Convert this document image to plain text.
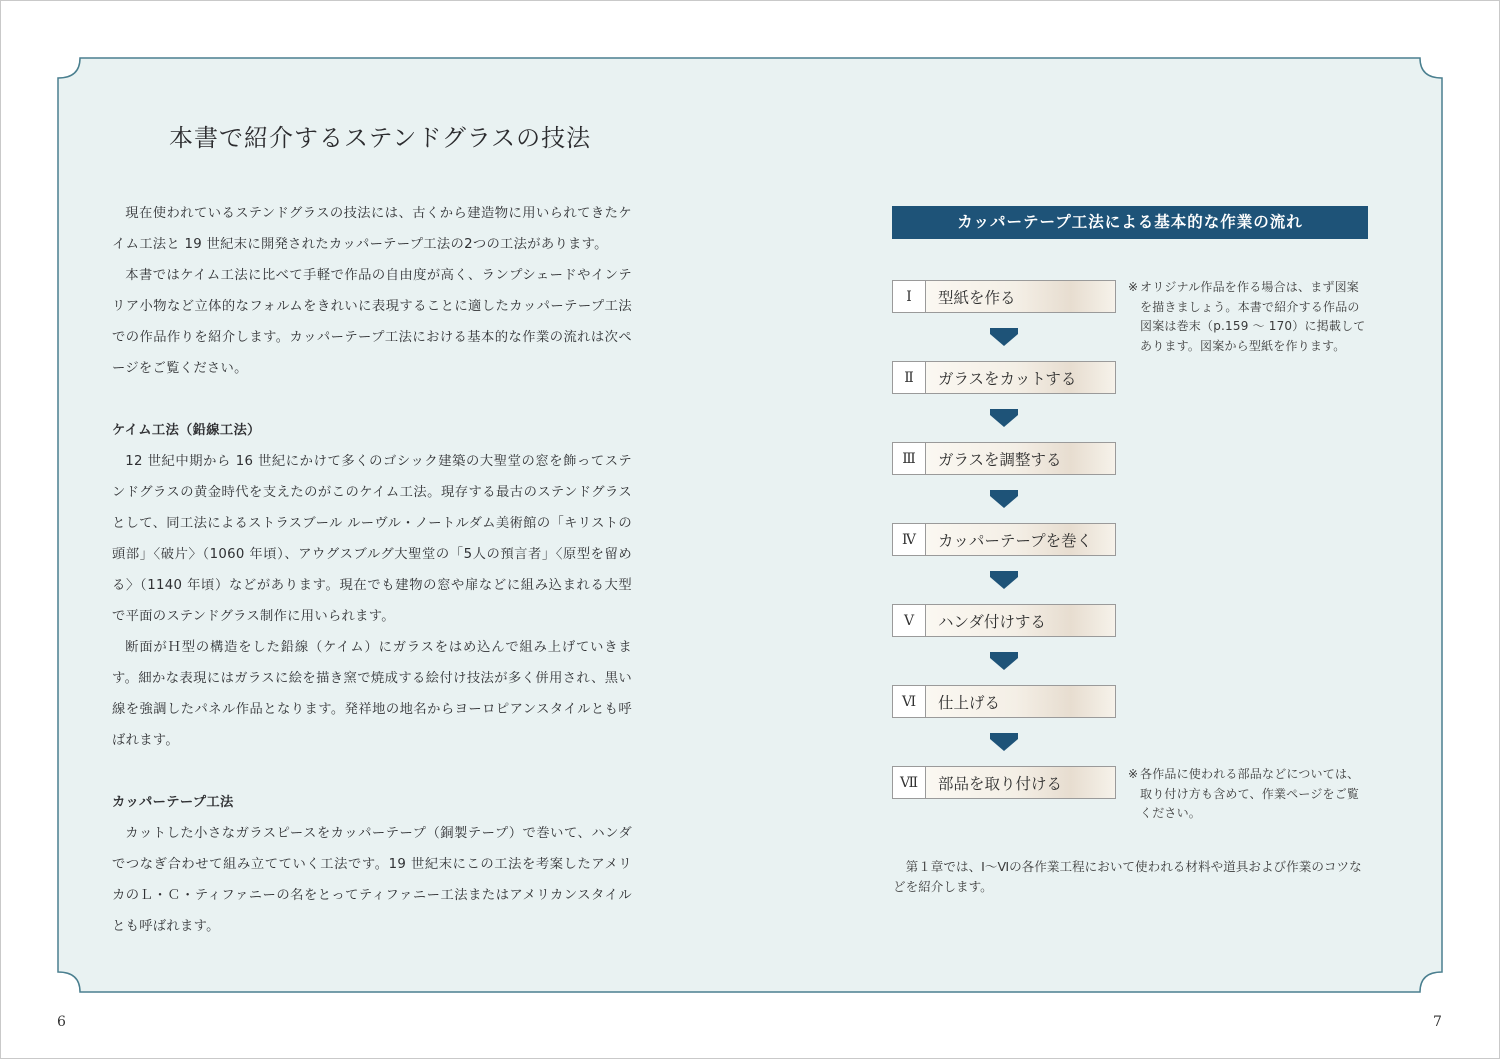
6	7
本書で紹介するステンドグラスの技法

現在使われているステンドグラスの技法には、古くから建造物に用いられてきたケイム工法と 19 世紀末に開発されたカッパーテープ工法の2つの工法があります。

本書ではケイム工法に比べて手軽で作品の自由度が高く、ランプシェードやインテリア小物など立体的なフォルムをきれいに表現することに適したカッパーテープ工法での作品作りを紹介します。カッパーテープ工法における基本的な作業の流れは次ページをご覧ください。

ケイム工法（鉛線工法）

12 世紀中期から 16 世紀にかけて多くのゴシック建築の大聖堂の窓を飾ってステンドグラスの黄金時代を支えたのがこのケイム工法。現存する最古のステンドグラスとして、同工法によるストラスブール ルーヴル・ノートルダム美術館の「キリストの頭部」〈破片〉（1060 年頃）、アウグスブルグ大聖堂の「5人の預言者」〈原型を留める〉（1140 年頃）などがあります。現在でも建物の窓や扉などに組み込まれる大型で平面のステンドグラス制作に用いられます。

断面がＨ型の構造をした鉛線（ケイム）にガラスをはめ込んで組み上げていきます。細かな表現にはガラスに絵を描き窯で焼成する絵付け技法が多く併用され、黒い線を強調したパネル作品となります。発祥地の地名からヨーロピアンスタイルとも呼ばれます。

カッパーテープ工法

カットした小さなガラスピースをカッパーテープ（銅製テープ）で巻いて、ハンダでつなぎ合わせて組み立てていく工法です。19 世紀末にこの工法を考案したアメリカのＬ・Ｃ・ティファニーの名をとってティファニー工法またはアメリカンスタイルとも呼ばれます。

カッパーテープ工法による基本的な作業の流れ
Ⅰ	型紙を作る
Ⅱ	ガラスをカットする
Ⅲ	ガラスを調整する
Ⅳ	カッパーテープを巻く
Ⅴ	ハンダ付けする
Ⅵ	仕上げる
Ⅶ	部品を取り付ける
※ オリジナル作品を作る場合は、まず図案を描きましょう。本書で紹介する作品の図案は巻末（p.159 ～ 170）に掲載してあります。図案から型紙を作ります。
※ 各作品に使われる部品などについては、取り付け方も含めて、作業ページをご覧ください。

第１章では、Ⅰ～Ⅵの各作業工程において使われる材料や道具および作業のコツなどを紹介します。
